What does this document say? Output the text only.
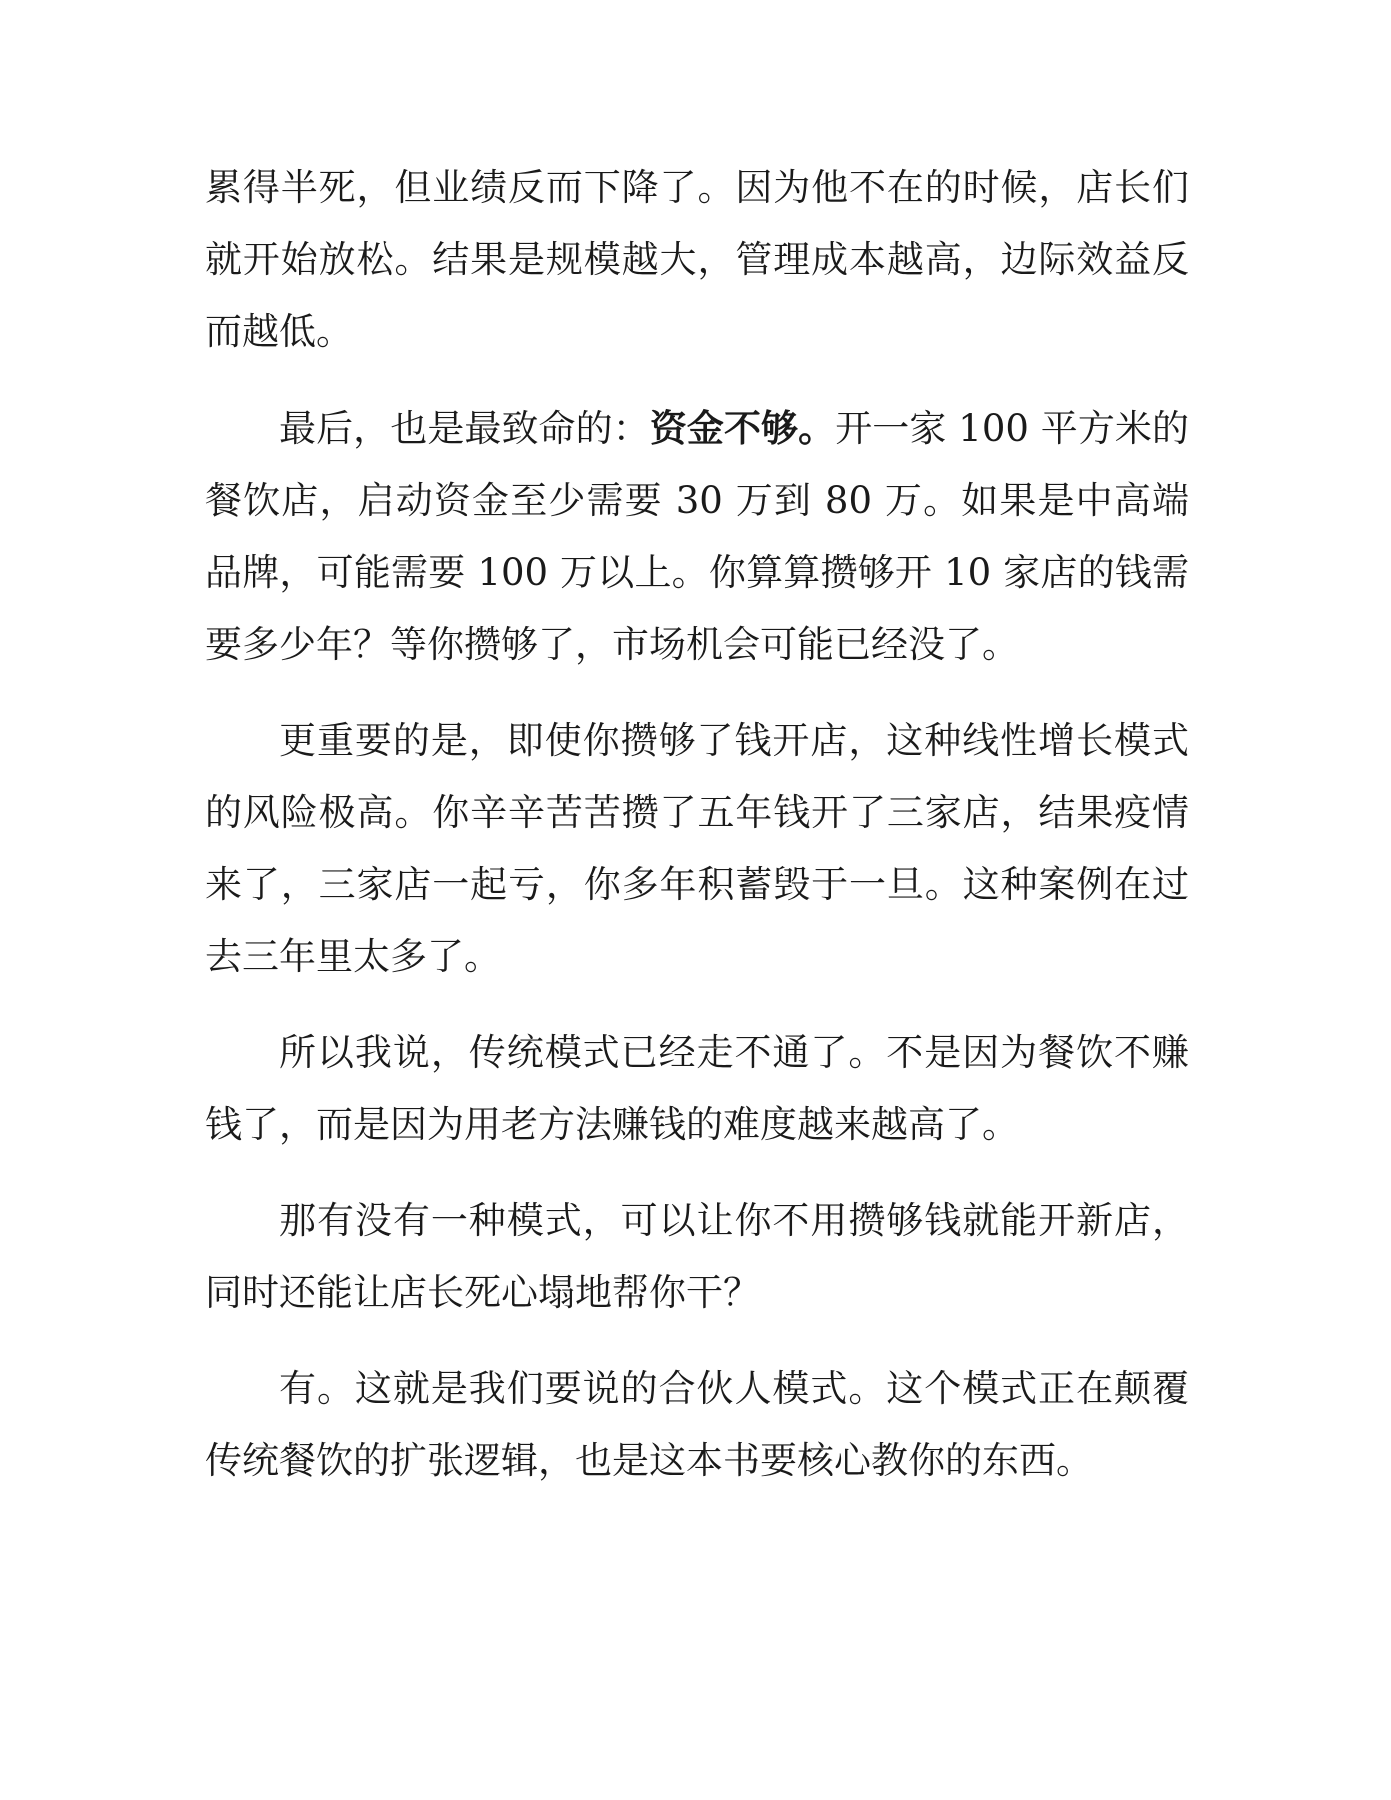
累得半死，但业绩反而下降了。因为他不在的时候，店长们就开始放松。结果是规模越大，管理成本越高，边际效益反而越低。

最后，也是最致命的：资金不够。开一家 100 平方米的餐饮店，启动资金至少需要 30 万到 80 万。如果是中高端品牌，可能需要 100 万以上。你算算攒够开 10 家店的钱需要多少年？等你攒够了，市场机会可能已经没了。

更重要的是，即使你攒够了钱开店，这种线性增长模式的风险极高。你辛辛苦苦攒了五年钱开了三家店，结果疫情来了，三家店一起亏，你多年积蓄毁于一旦。这种案例在过去三年里太多了。

所以我说，传统模式已经走不通了。不是因为餐饮不赚钱了，而是因为用老方法赚钱的难度越来越高了。

那有没有一种模式，可以让你不用攒够钱就能开新店，同时还能让店长死心塌地帮你干？

有。这就是我们要说的合伙人模式。这个模式正在颠覆传统餐饮的扩张逻辑，也是这本书要核心教你的东西。
